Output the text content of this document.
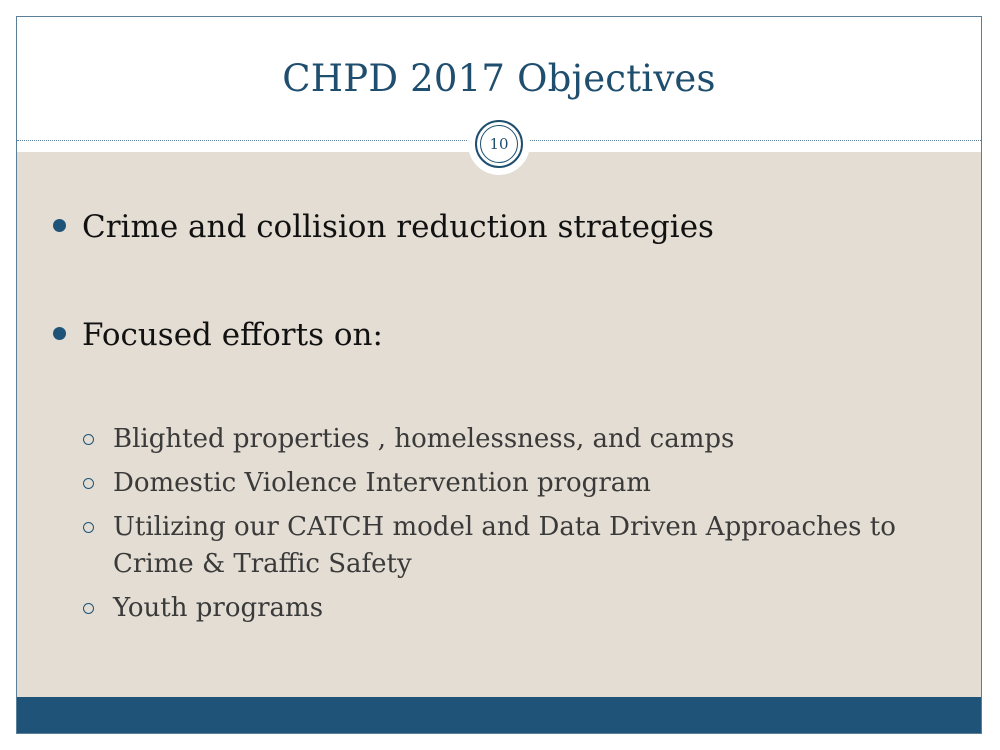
CHPD 2017 Objectives
10
Crime and collision reduction strategies
Focused efforts on:
Blighted properties , homelessness, and camps
Domestic Violence Intervention program
Utilizing our CATCH model and Data Driven Approaches to Crime & Traffic Safety
Youth programs
